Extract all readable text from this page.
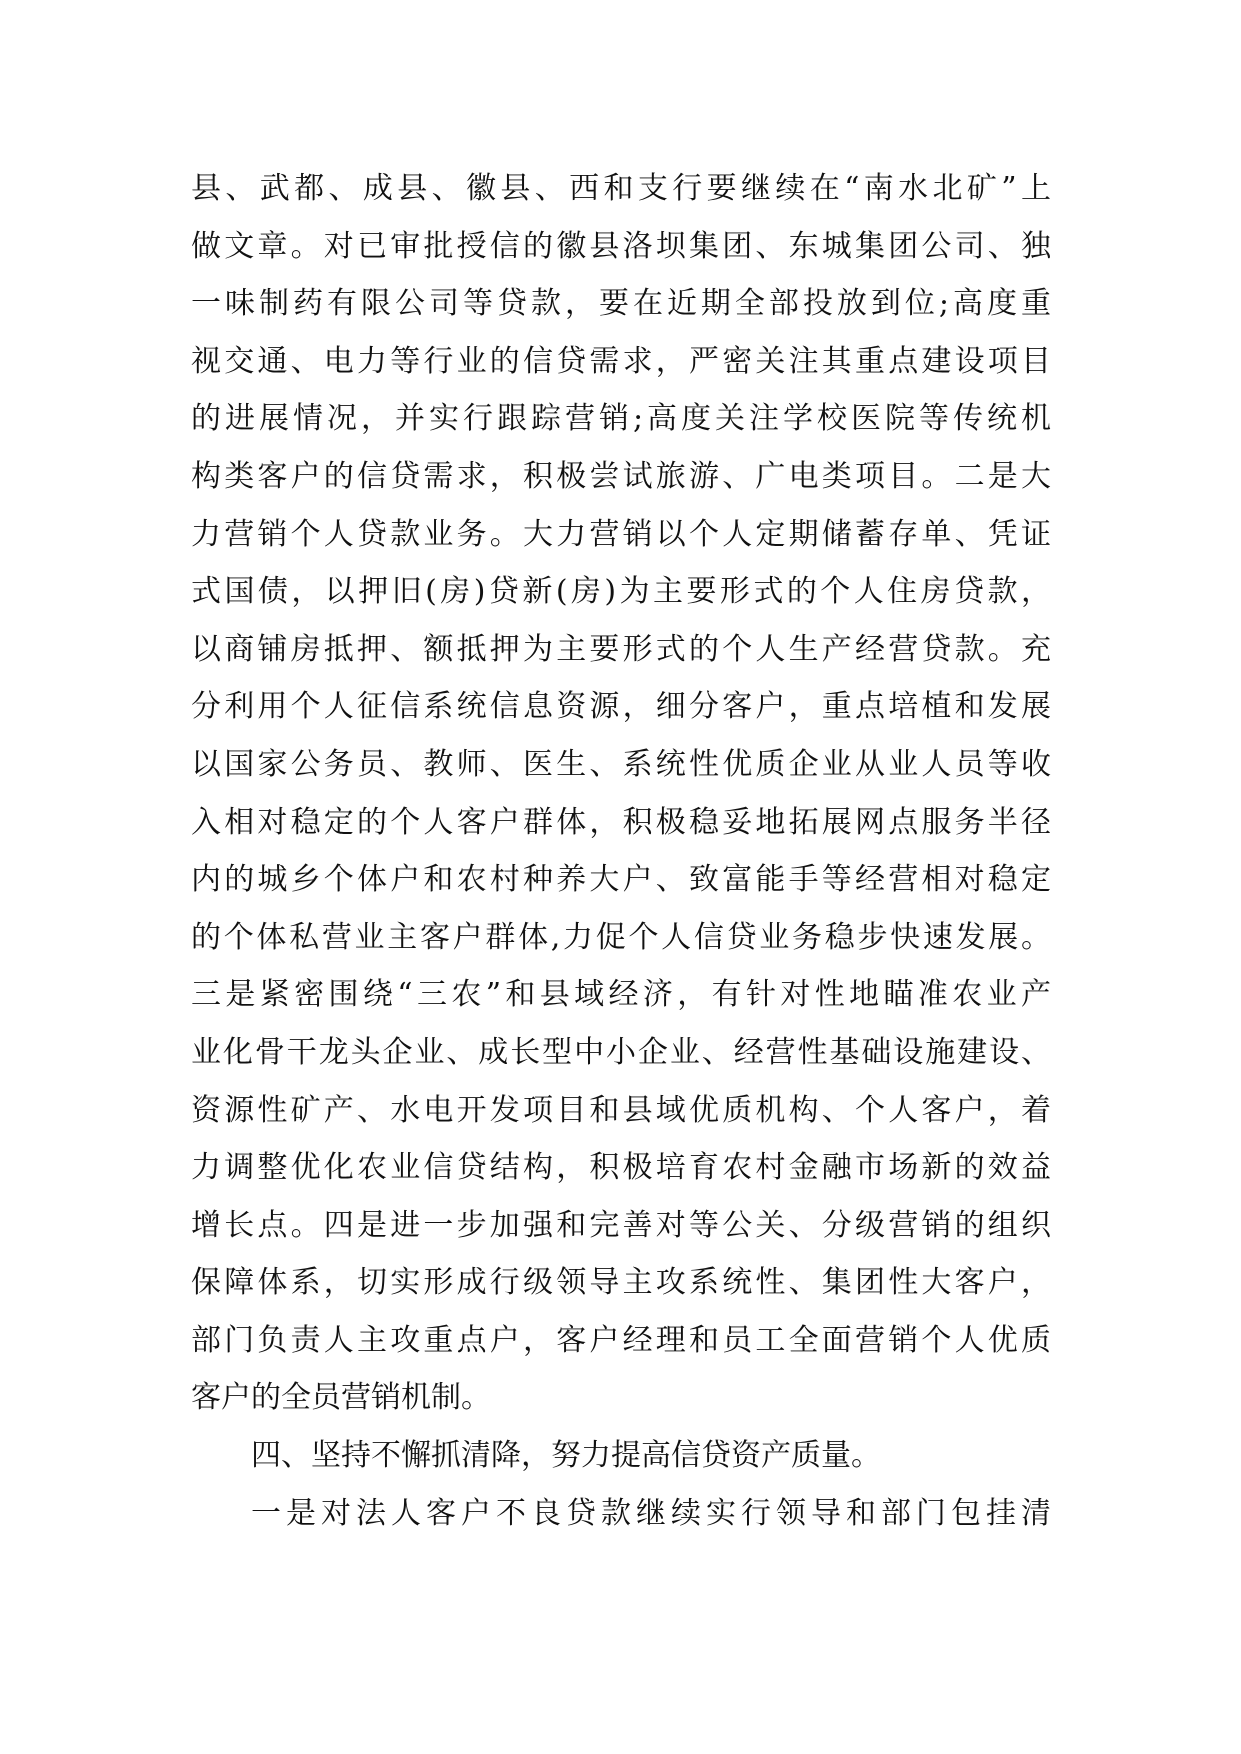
县、武都、成县、徽县、西和支行要继续在“南水北矿”上
做文章。对已审批授信的徽县洛坝集团、东城集团公司、独
一味制药有限公司等贷款，要在近期全部投放到位;高度重
视交通、电力等行业的信贷需求，严密关注其重点建设项目
的进展情况，并实行跟踪营销;高度关注学校医院等传统机
构类客户的信贷需求，积极尝试旅游、广电类项目。二是大
力营销个人贷款业务。大力营销以个人定期储蓄存单、凭证
式国债，以押旧(房)贷新(房)为主要形式的个人住房贷款，
以商铺房抵押、额抵押为主要形式的个人生产经营贷款。充
分利用个人征信系统信息资源，细分客户，重点培植和发展
以国家公务员、教师、医生、系统性优质企业从业人员等收
入相对稳定的个人客户群体，积极稳妥地拓展网点服务半径
内的城乡个体户和农村种养大户、致富能手等经营相对稳定
的个体私营业主客户群体,力促个人信贷业务稳步快速发展。
三是紧密围绕“三农”和县域经济，有针对性地瞄准农业产
业化骨干龙头企业、成长型中小企业、经营性基础设施建设、
资源性矿产、水电开发项目和县域优质机构、个人客户，着
力调整优化农业信贷结构，积极培育农村金融市场新的效益
增长点。四是进一步加强和完善对等公关、分级营销的组织
保障体系，切实形成行级领导主攻系统性、集团性大客户，
部门负责人主攻重点户，客户经理和员工全面营销个人优质
客户的全员营销机制。
四、坚持不懈抓清降，努力提高信贷资产质量。
一是对法人客户不良贷款继续实行领导和部门包挂清
